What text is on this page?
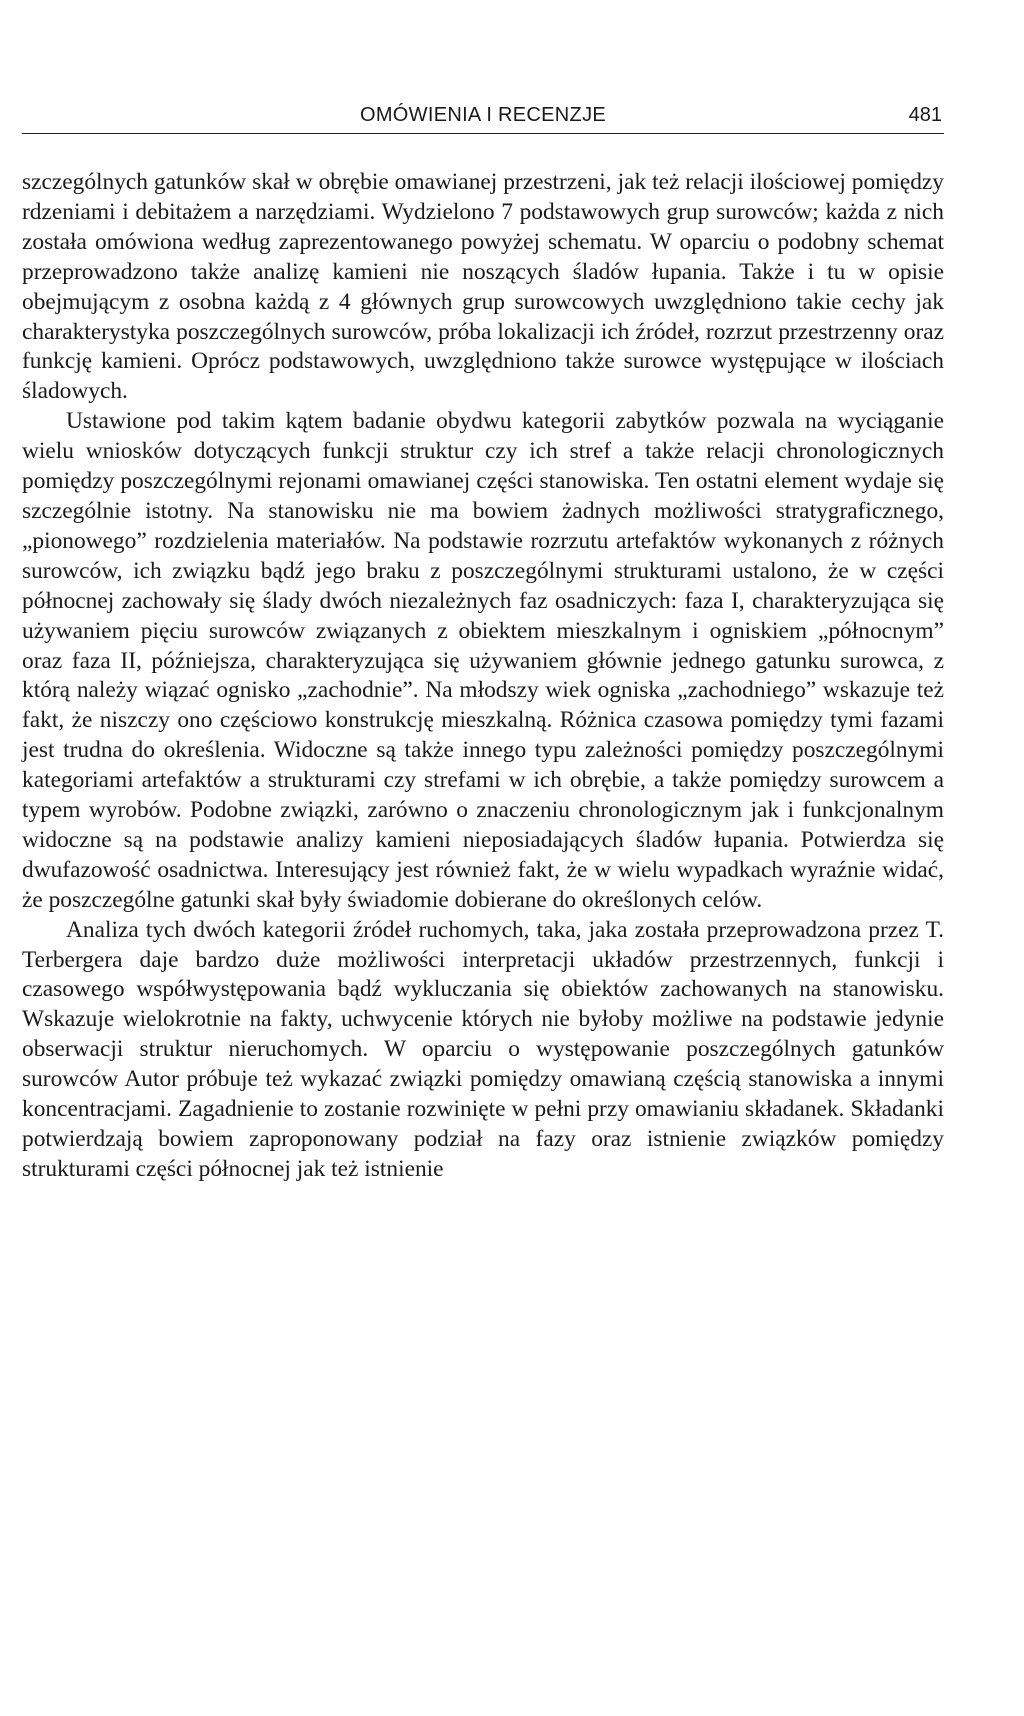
OMÓWIENIA I RECENZJE	481

szczególnych gatunków skał w obrębie omawianej przestrzeni, jak też relacji ilościowej pomiędzy rdzeniami i debitażem a narzędziami. Wydzielono 7 podstawowych grup surowców; każda z nich została omówiona według zaprezentowanego powyżej schematu. W oparciu o podobny schemat przeprowadzono także analizę kamieni nie noszących śladów łupania. Także i tu w opisie obejmującym z osobna każdą z 4 głównych grup surowcowych uwzględniono takie cechy jak charakterystyka poszczególnych surowców, próba lokalizacji ich źródeł, rozrzut przestrzenny oraz funkcję kamieni. Oprócz podstawowych, uwzględniono także surowce występujące w ilościach śladowych.

Ustawione pod takim kątem badanie obydwu kategorii zabytków pozwala na wyciąganie wielu wniosków dotyczących funkcji struktur czy ich stref a także relacji chronologicznych pomiędzy poszczególnymi rejonami omawianej części stanowiska. Ten ostatni element wydaje się szczególnie istotny. Na stanowisku nie ma bowiem żadnych możliwości stratygraficznego, „pionowego” rozdzielenia materiałów. Na podstawie rozrzutu artefaktów wykonanych z różnych surowców, ich związku bądź jego braku z poszczególnymi strukturami ustalono, że w części północnej zachowały się ślady dwóch niezależnych faz osadniczych: faza I, charakteryzująca się używaniem pięciu surowców związanych z obiektem mieszkalnym i ogniskiem „północnym” oraz faza II, późniejsza, charakteryzująca się używaniem głównie jednego gatunku surowca, z którą należy wiązać ognisko „zachodnie”. Na młodszy wiek ogniska „zachodniego” wskazuje też fakt, że niszczy ono częściowo konstrukcję mieszkalną. Różnica czasowa pomiędzy tymi fazami jest trudna do określenia. Widoczne są także innego typu zależności pomiędzy poszczególnymi kategoriami artefaktów a strukturami czy strefami w ich obrębie, a także pomiędzy surowcem a typem wyrobów. Podobne związki, zarówno o znaczeniu chronologicznym jak i funkcjonalnym widoczne są na podstawie analizy kamieni nieposiadających śladów łupania. Potwierdza się dwufazowość osadnictwa. Interesujący jest również fakt, że w wielu wypadkach wyraźnie widać, że poszczególne gatunki skał były świadomie dobierane do określonych celów.

Analiza tych dwóch kategorii źródeł ruchomych, taka, jaka została przeprowadzona przez T. Terbergera daje bardzo duże możliwości interpretacji układów przestrzennych, funkcji i czasowego współwystępowania bądź wykluczania się obiektów zachowanych na stanowisku. Wskazuje wielokrotnie na fakty, uchwycenie których nie byłoby możliwe na podstawie jedynie obserwacji struktur nieruchomych. W oparciu o występowanie poszczególnych gatunków surowców Autor próbuje też wykazać związki pomiędzy omawianą częścią stanowiska a innymi koncentracjami. Zagadnienie to zostanie rozwinięte w pełni przy omawianiu składanek. Składanki potwierdzają bowiem zaproponowany podział na fazy oraz istnienie związków pomiędzy strukturami części północnej jak też istnienie
